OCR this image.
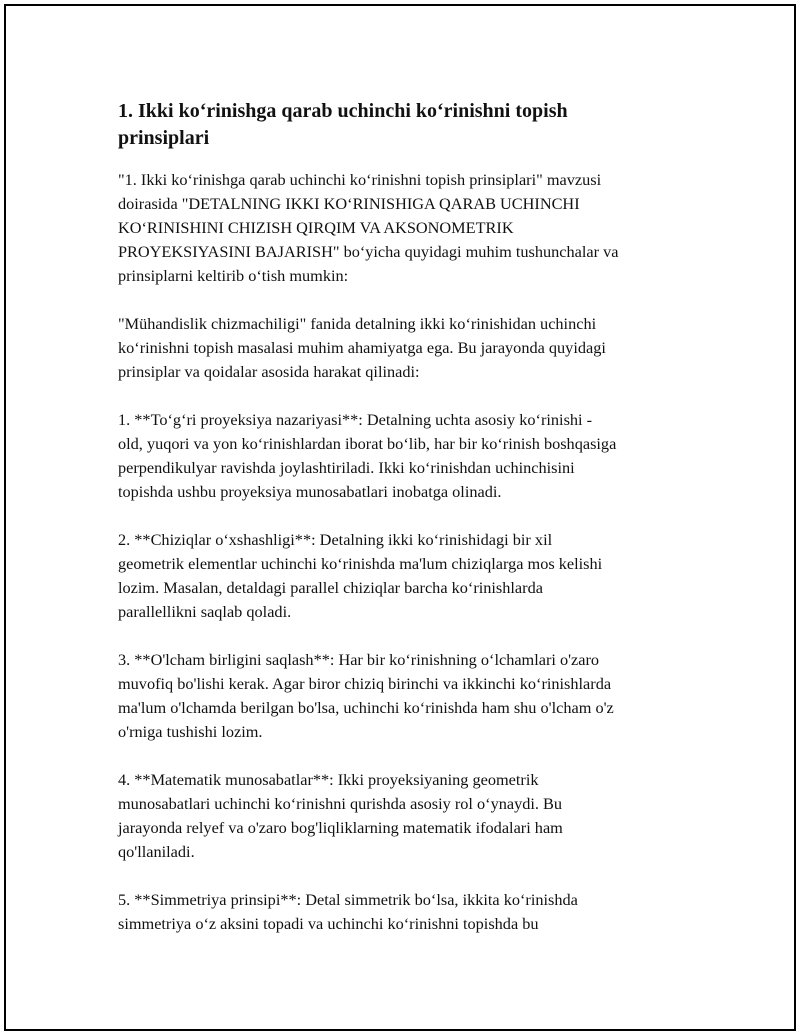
1. Ikki ko‘rinishga qarab uchinchi ko‘rinishni topish
prinsiplari

"1. Ikki ko‘rinishga qarab uchinchi ko‘rinishni topish prinsiplari" mavzusi
doirasida "DETALNING IKKI KO‘RINISHIGA QARAB UCHINCHI
KO‘RINISHINI CHIZISH QIRQIM VA AKSONOMETRIK
PROYEKSIYASINI BAJARISH" bo‘yicha quyidagi muhim tushunchalar va
prinsiplarni keltirib o‘tish mumkin:

"Mühandislik chizmachiligi" fanida detalning ikki ko‘rinishidan uchinchi
ko‘rinishni topish masalasi muhim ahamiyatga ega. Bu jarayonda quyidagi
prinsiplar va qoidalar asosida harakat qilinadi:

1. **To‘g‘ri proyeksiya nazariyasi**: Detalning uchta asosiy ko‘rinishi -
old, yuqori va yon ko‘rinishlardan iborat bo‘lib, har bir ko‘rinish boshqasiga
perpendikulyar ravishda joylashtiriladi. Ikki ko‘rinishdan uchinchisini
topishda ushbu proyeksiya munosabatlari inobatga olinadi.

2. **Chiziqlar o‘xshashligi**: Detalning ikki ko‘rinishidagi bir xil
geometrik elementlar uchinchi ko‘rinishda ma'lum chiziqlarga mos kelishi
lozim. Masalan, detaldagi parallel chiziqlar barcha ko‘rinishlarda
parallellikni saqlab qoladi.

3. **O'lcham birligini saqlash**: Har bir ko‘rinishning o‘lchamlari o'zaro
muvofiq bo'lishi kerak. Agar biror chiziq birinchi va ikkinchi ko‘rinishlarda
ma'lum o'lchamda berilgan bo'lsa, uchinchi ko‘rinishda ham shu o'lcham o'z
o'rniga tushishi lozim.

4. **Matematik munosabatlar**: Ikki proyeksiyaning geometrik
munosabatlari uchinchi ko‘rinishni qurishda asosiy rol o‘ynaydi. Bu
jarayonda relyef va o'zaro bog'liqliklarning matematik ifodalari ham
qo'llaniladi.

5. **Simmetriya prinsipi**: Detal simmetrik bo‘lsa, ikkita ko‘rinishda
simmetriya o‘z aksini topadi va uchinchi ko‘rinishni topishda bu
